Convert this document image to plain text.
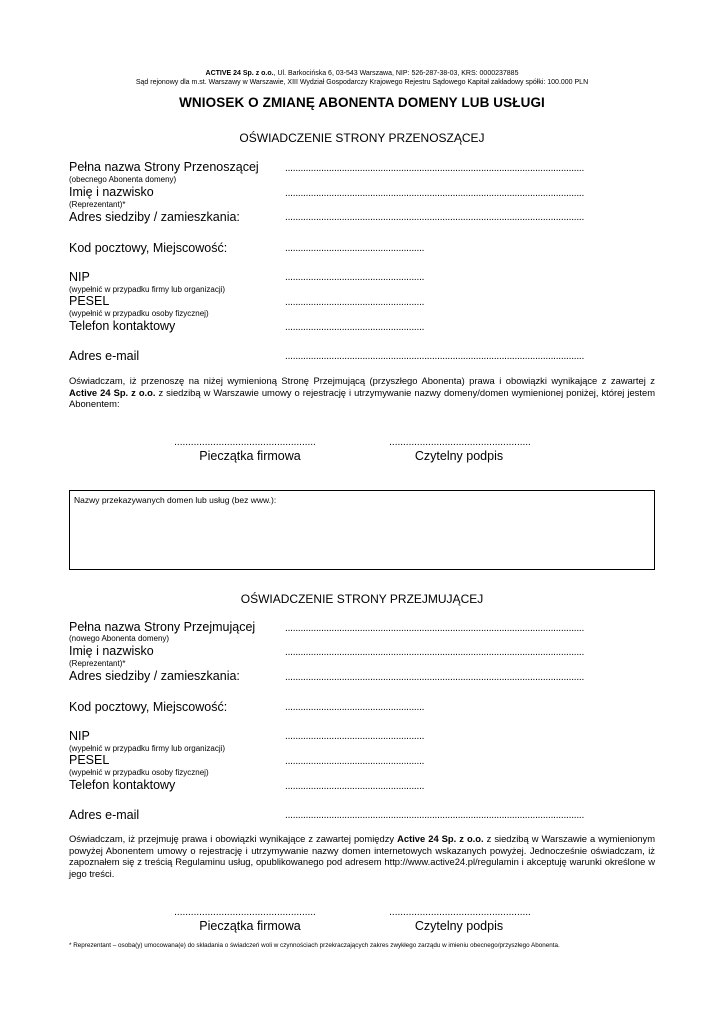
ACTIVE 24 Sp. z o.o., Ul. Barkocińska 6, 03-543 Warszawa, NIP: 526-287-38-03, KRS: 0000237885
Sąd rejonowy dla m.st. Warszawy w Warszawie, XIII Wydział Gospodarczy Krajowego Rejestru Sądowego Kapitał zakładowy spółki: 100.000 PLN
WNIOSEK O ZMIANĘ ABONENTA DOMENY LUB USŁUGI
OŚWIADCZENIE STRONY PRZENOSZĄCEJ
Pełna nazwa Strony Przenoszącej
(obecnego Abonenta domeny)
....................................................................................................................
Imię i nazwisko
(Reprezentant)*
....................................................................................................................
Adres siedziby / zamieszkania:	....................................................................................................................
Kod pocztowy, Miejscowość:	......................................................
NIP
(wypełnić w przypadku firmy lub organizacji)
......................................................
PESEL
(wypełnić w przypadku osoby fizycznej)
......................................................
Telefon kontaktowy	......................................................
Adres e-mail	....................................................................................................................
Oświadczam, iż przenoszę na niżej wymienioną Stronę Przejmującą (przyszłego Abonenta) prawa i obowiązki wynikające z zawartej z Active 24 Sp. z o.o. z siedzibą w Warszawie umowy o rejestrację i utrzymywanie nazwy domeny/domen wymienionej poniżej, której jestem Abonentem:
...................................................	...................................................
Pieczątka firmowa	Czytelny podpis
Nazwy przekazywanych domen lub usług (bez www.):
OŚWIADCZENIE STRONY PRZEJMUJĄCEJ
Pełna nazwa Strony Przejmującej
(nowego Abonenta domeny)
....................................................................................................................
Imię i nazwisko
(Reprezentant)*
....................................................................................................................
Adres siedziby / zamieszkania:	....................................................................................................................
Kod pocztowy, Miejscowość:	......................................................
NIP
(wypełnić w przypadku firmy lub organizacji)
......................................................
PESEL
(wypełnić w przypadku osoby fizycznej)
......................................................
Telefon kontaktowy	......................................................
Adres e-mail	....................................................................................................................
Oświadczam, iż przejmuję prawa i obowiązki wynikające z zawartej pomiędzy Active 24 Sp. z o.o. z siedzibą w Warszawie a wymienionym powyżej Abonentem umowy o rejestrację i utrzymywanie nazwy domen internetowych wskazanych powyżej. Jednocześnie oświadczam, iż zapoznałem się z treścią Regulaminu usług, opublikowanego pod adresem http://www.active24.pl/regulamin i akceptuję warunki określone w jego treści.
...................................................	...................................................
Pieczątka firmowa	Czytelny podpis
* Reprezentant – osoba(y) umocowana(e) do składania o świadczeń woli w czynnościach przekraczających zakres zwykłego zarządu w imieniu obecnego/przyszłego Abonenta.
